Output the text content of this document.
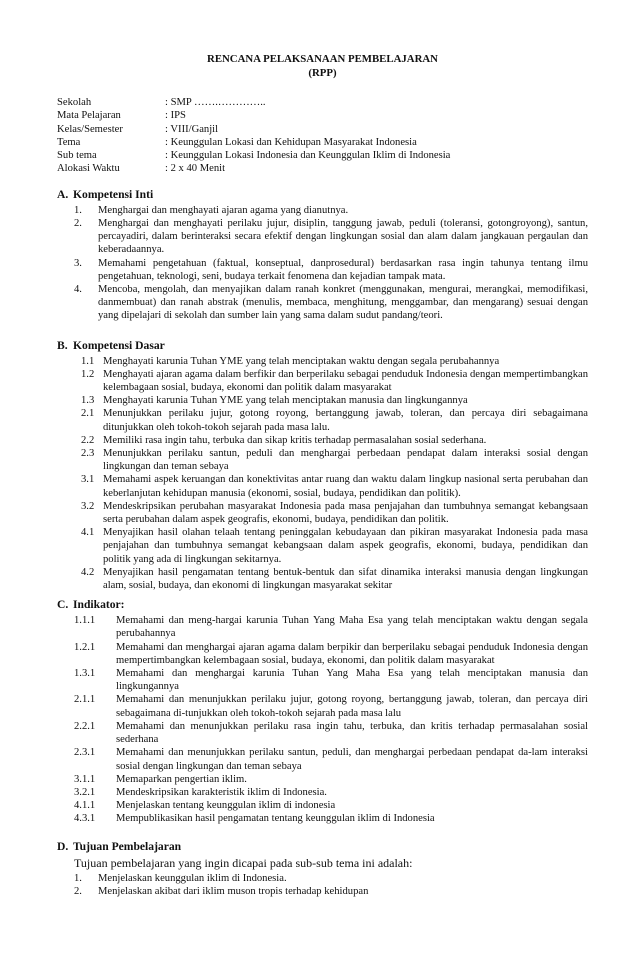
RENCANA PELAKSANAAN PEMBELAJARAN
(RPP)
Sekolah	: SMP …….…………..
Mata Pelajaran	: IPS
Kelas/Semester	: VIII/Ganjil
Tema	: Keunggulan Lokasi dan Kehidupan Masyarakat Indonesia
Sub tema	: Keunggulan Lokasi Indonesia dan Keunggulan Iklim di Indonesia
Alokasi Waktu	: 2 x 40 Menit
A. Kompetensi Inti
1.	Menghargai dan menghayati ajaran agama yang dianutnya.
2.	Menghargai dan menghayati perilaku jujur, disiplin, tanggung jawab, peduli (toleransi, gotongroyong), santun, percayadiri, dalam berinteraksi secara efektif dengan lingkungan sosial dan alam dalam jangkauan pergaulan dan keberadaannya.
3.	Memahami pengetahuan (faktual, konseptual, danprosedural) berdasarkan rasa ingin tahunya tentang ilmu pengetahuan, teknologi, seni, budaya terkait fenomena dan kejadian tampak mata.
4.	Mencoba, mengolah, dan menyajikan dalam ranah konkret (menggunakan, mengurai, merangkai, memodifikasi, danmembuat) dan ranah abstrak (menulis, membaca, menghitung, menggambar, dan mengarang) sesuai dengan yang dipelajari di sekolah dan sumber lain yang sama dalam sudut pandang/teori.
B. Kompetensi Dasar
1.1 Menghayati karunia Tuhan YME yang telah menciptakan waktu dengan segala perubahannya
1.2 Menghayati ajaran agama dalam berfikir dan berperilaku sebagai penduduk Indonesia dengan mempertimbangkan kelembagaan sosial, budaya, ekonomi dan politik dalam masyarakat
1.3 Menghayati karunia Tuhan YME yang telah menciptakan manusia dan lingkungannya
2.1 Menunjukkan perilaku jujur, gotong royong, bertanggung jawab, toleran, dan percaya diri sebagaimana ditunjukkan oleh tokoh-tokoh sejarah pada masa lalu.
2.2 Memiliki rasa ingin tahu, terbuka dan sikap kritis terhadap permasalahan sosial sederhana.
2.3 Menunjukkan perilaku santun, peduli dan menghargai perbedaan pendapat dalam interaksi sosial dengan lingkungan dan teman sebaya
3.1 Memahami aspek keruangan dan konektivitas antar ruang dan waktu dalam lingkup nasional serta perubahan dan keberlanjutan kehidupan manusia (ekonomi, sosial, budaya, pendidikan dan politik).
3.2 Mendeskripsikan perubahan masyarakat Indonesia pada masa penjajahan dan tumbuhnya semangat kebangsaan serta perubahan dalam aspek geografis, ekonomi, budaya, pendidikan dan politik.
4.1 Menyajikan hasil olahan telaah tentang peninggalan kebudayaan dan pikiran masyarakat Indonesia pada masa penjajahan dan tumbuhnya semangat kebangsaan dalam aspek geografis, ekonomi, budaya, pendidikan dan politik yang ada di lingkungan sekitarnya.
4.2 Menyajikan hasil pengamatan tentang bentuk-bentuk dan sifat dinamika interaksi manusia dengan lingkungan alam, sosial, budaya, dan ekonomi di lingkungan masyarakat sekitar
C. Indikator:
1.1.1	Memahami dan meng-hargai karunia Tuhan Yang Maha Esa yang telah menciptakan waktu dengan segala perubahannya
1.2.1	Memahami dan menghargai ajaran agama dalam berpikir dan berperilaku sebagai penduduk Indonesia dengan mempertimbangkan kelembagaan sosial, budaya, ekonomi, dan politik dalam masyarakat
1.3.1	Memahami dan menghargai karunia Tuhan Yang Maha Esa yang telah menciptakan manusia dan lingkungannya
2.1.1	Memahami dan menunjukkan perilaku jujur, gotong royong, bertanggung jawab, toleran, dan percaya diri sebagaimana di-tunjukkan oleh tokoh-tokoh sejarah pada masa lalu
2.2.1	Memahami dan menunjukkan perilaku rasa ingin tahu, terbuka, dan kritis terhadap permasalahan sosial sederhana
2.3.1	Memahami dan menunjukkan perilaku santun, peduli, dan menghargai perbedaan pendapat da-lam interaksi sosial dengan lingkungan dan teman sebaya
3.1.1	Memaparkan pengertian iklim.
3.2.1	Mendeskripsikan karakteristik iklim di Indonesia.
4.1.1	Menjelaskan tentang keunggulan iklim di indonesia
4.3.1	Mempublikasikan hasil pengamatan tentang keunggulan iklim di Indonesia
D. Tujuan Pembelajaran
Tujuan pembelajaran yang ingin dicapai pada sub-sub tema ini adalah:
1.	Menjelaskan keunggulan iklim di Indonesia.
2.	Menjelaskan akibat dari iklim muson tropis terhadap kehidupan
